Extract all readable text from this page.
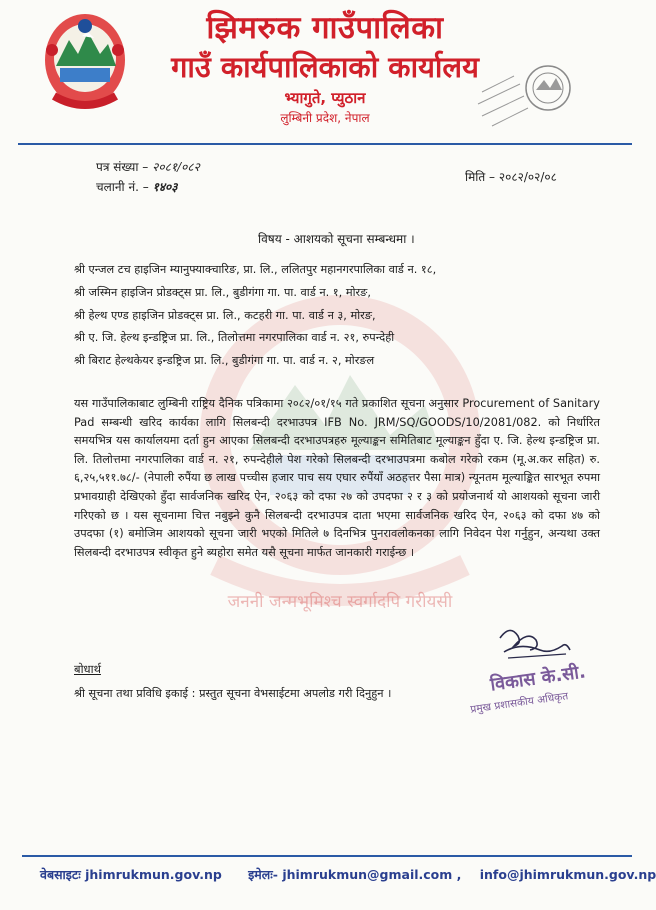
जननी जन्मभूमिश्च स्वर्गादपि गरीयसी
झिमरुक गाउँपालिका
गाउँ कार्यपालिकाको कार्यालय
भ्यागुते, प्युठान
लुम्बिनी प्रदेश, नेपाल
पत्र संख्या – २०८१/०८२
चलानी नं. – १४०३
मिति – २०८२/०२/०८
विषय - आशयको सूचना सम्बन्धमा ।
श्री एन्जल टच हाइजिन म्यानुफ्याक्चारिङ, प्रा. लि., ललितपुर महानगरपालिका वार्ड न. १८,
श्री जस्मिन हाइजिन प्रोडक्ट्स प्रा. लि., बुडीगंगा गा. पा. वार्ड न. १, मोरङ,
श्री हेल्थ एण्ड हाइजिन प्रोडक्ट्स प्रा. लि., कटहरी गा. पा. वार्ड न ३, मोरङ,
श्री ए. जि. हेल्थ इन्डष्ट्रिज प्रा. लि., तिलोत्तमा नगरपालिका वार्ड न. २१, रुपन्देही
श्री बिराट हेल्थकेयर इन्डष्ट्रिज प्रा. लि., बुडीगंगा गा. पा. वार्ड न. २, मोरङल
यस गाउँपालिकाबाट लुम्बिनी राष्ट्रिय दैनिक पत्रिकामा २०८२/०१/१५ गते प्रकाशित सूचना अनुसार Procurement of Sanitary Pad सम्बन्धी खरिद कार्यका लागि सिलबन्दी दरभाउपत्र IFB No. JRM/SQ/GOODS/10/2081/082. को निर्धारित समयभित्र यस कार्यालयमा दर्ता हुन आएका सिलबन्दी दरभाउपत्रहरु मूल्याङ्कन समितिबाट मूल्याङ्कन हुँदा ए. जि. हेल्थ इन्डष्ट्रिज प्रा. लि. तिलोत्तमा नगरपालिका वार्ड न. २१, रुपन्देहीले पेश गरेको सिलबन्दी दरभाउपत्रमा कबोल गरेको रकम (मू.अ.कर सहित) रु. ६,२५,५११.७८/- (नेपाली रुपैंया छ लाख पच्चीस हजार पाच सय एघार रुपैंयाँ अठहत्तर पैसा मात्र) न्यूनतम मूल्याङ्कित सारभूत रुपमा प्रभावग्राही देखिएको हुँदा सार्वजनिक खरिद ऐन, २०६३ को दफा २७ को उपदफा २ र ३ को प्रयोजनार्थ यो आशयको सूचना जारी गरिएको छ । यस सूचनामा चित्त नबुझ्ने कुनै सिलबन्दी दरभाउपत्र दाता भएमा सार्वजनिक खरिद ऐन, २०६३ को दफा ४७ को उपदफा (१) बमोजिम आशयको सूचना जारी भएको मितिले ७ दिनभित्र पुनरावलोकनका लागि निवेदन पेश गर्नुहुन, अन्यथा उक्त सिलबन्दी दरभाउपत्र स्वीकृत हुने ब्यहोरा समेत यसै सूचना मार्फत जानकारी गराईन्छ ।
विकास के.सी.
प्रमुख प्रशासकीय अधिकृत
बोधार्थ
श्री सूचना तथा प्रविधि इकाई : प्रस्तुत सूचना वेभसाईटमा अपलोड गरी दिनुहुन ।
वेबसाइटः jhimrukmun.gov.np इमेलः- jhimrukmun@gmail.com , info@jhimrukmun.gov.np
